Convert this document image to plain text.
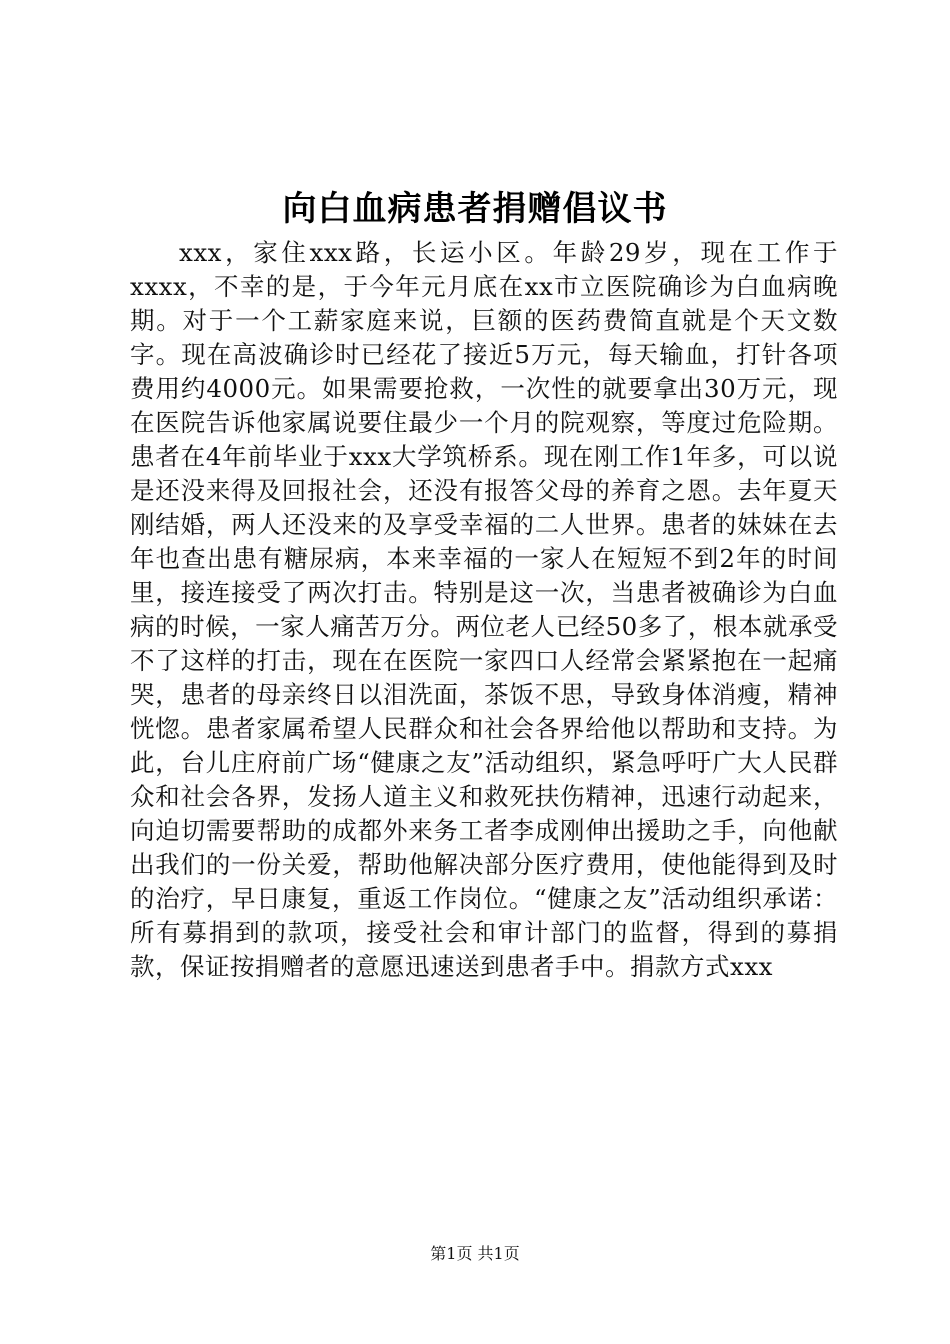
向白血病患者捐赠倡议书

xxx，家住xxx路，长运小区。年龄29岁，现在工作于xxxx，不幸的是，于今年元月底在xx市立医院确诊为白血病晚期。对于一个工薪家庭来说，巨额的医药费简直就是个天文数字。现在高波确诊时已经花了接近5万元，每天输血，打针各项费用约4000元。如果需要抢救，一次性的就要拿出30万元，现在医院告诉他家属说要住最少一个月的院观察，等度过危险期。患者在4年前毕业于xxx大学筑桥系。现在刚工作1年多，可以说是还没来得及回报社会，还没有报答父母的养育之恩。去年夏天刚结婚，两人还没来的及享受幸福的二人世界。患者的妹妹在去年也查出患有糖尿病，本来幸福的一家人在短短不到2年的时间里，接连接受了两次打击。特别是这一次，当患者被确诊为白血病的时候，一家人痛苦万分。两位老人已经50多了，根本就承受不了这样的打击，现在在医院一家四口人经常会紧紧抱在一起痛哭，患者的母亲终日以泪洗面，茶饭不思，导致身体消瘦，精神恍惚。患者家属希望人民群众和社会各界给他以帮助和支持。为此，台儿庄府前广场“健康之友”活动组织，紧急呼吁广大人民群众和社会各界，发扬人道主义和救死扶伤精神，迅速行动起来，向迫切需要帮助的成都外来务工者李成刚伸出援助之手，向他献出我们的一份关爱，帮助他解决部分医疗费用，使他能得到及时的治疗，早日康复，重返工作岗位。“健康之友”活动组织承诺：所有募捐到的款项，接受社会和审计部门的监督，得到的募捐款，保证按捐赠者的意愿迅速送到患者手中。捐款方式xxx

第1页 共1页
